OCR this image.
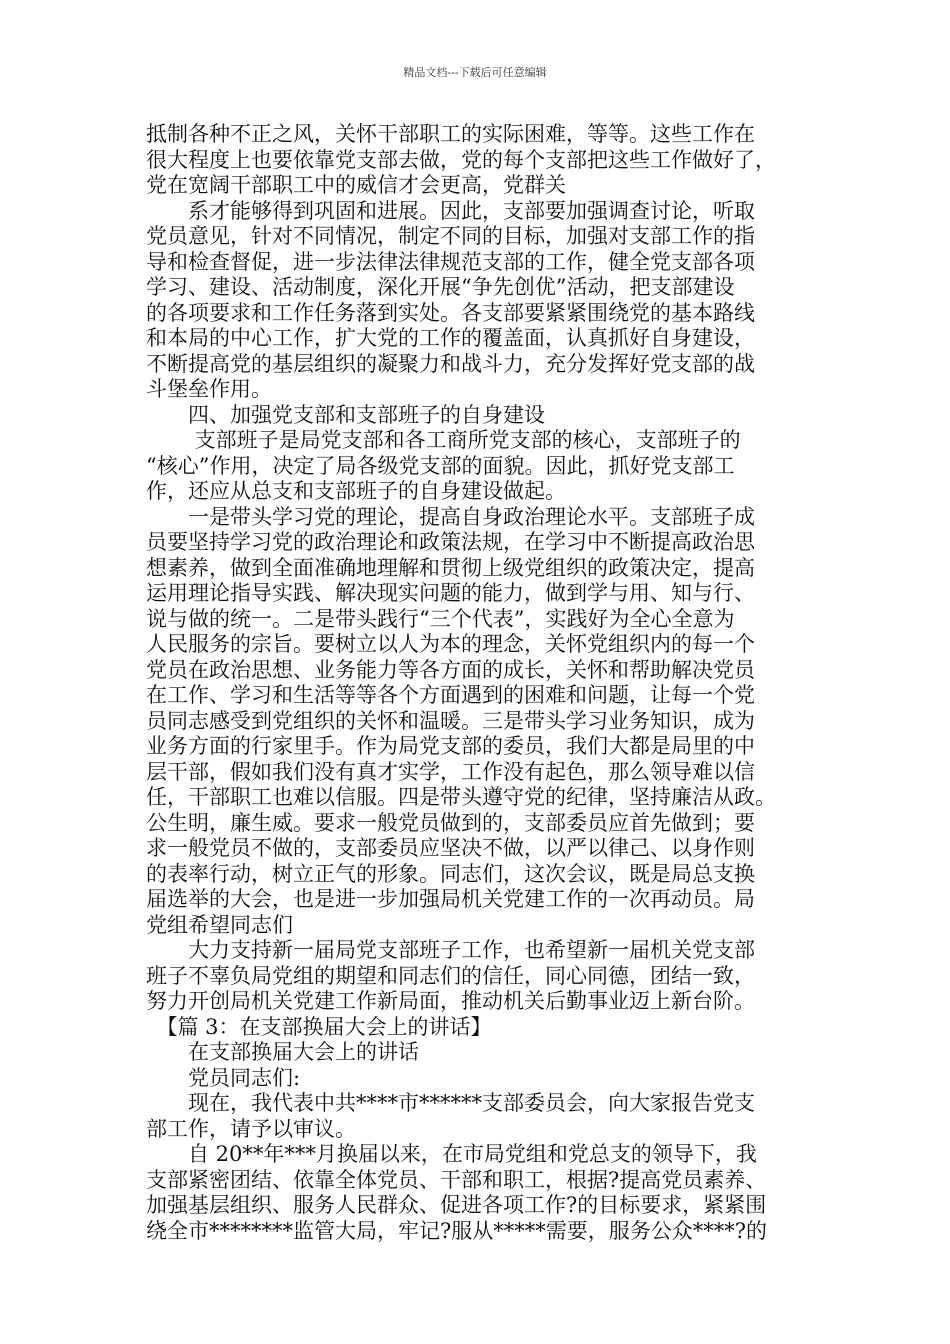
精品文档---下载后可任意编辑
抵制各种不正之风，关怀干部职工的实际困难，等等。这些工作在
很大程度上也要依靠党支部去做，党的每个支部把这些工作做好了，
党在宽阔干部职工中的威信才会更高，党群关
　　系才能够得到巩固和进展。因此，支部要加强调查讨论，听取
党员意见，针对不同情况，制定不同的目标，加强对支部工作的指
导和检查督促，进一步法律法律规范支部的工作，健全党支部各项
学习、建设、活动制度，深化开展“争先创优”活动，把支部建设
的各项要求和工作任务落到实处。各支部要紧紧围绕党的基本路线
和本局的中心工作，扩大党的工作的覆盖面，认真抓好自身建设，
不断提高党的基层组织的凝聚力和战斗力，充分发挥好党支部的战
斗堡垒作用。
　　四、加强党支部和支部班子的自身建设
　　 支部班子是局党支部和各工商所党支部的核心，支部班子的
“核心”作用，决定了局各级党支部的面貌。因此，抓好党支部工
作，还应从总支和支部班子的自身建设做起。
　　一是带头学习党的理论，提高自身政治理论水平。支部班子成
员要坚持学习党的政治理论和政策法规，在学习中不断提高政治思
想素养，做到全面准确地理解和贯彻上级党组织的政策决定，提高
运用理论指导实践、解决现实问题的能力，做到学与用、知与行、
说与做的统一。二是带头践行“三个代表”，实践好为全心全意为
人民服务的宗旨。要树立以人为本的理念，关怀党组织内的每一个
党员在政治思想、业务能力等各方面的成长，关怀和帮助解决党员
在工作、学习和生活等等各个方面遇到的困难和问题，让每一个党
员同志感受到党组织的关怀和温暖。三是带头学习业务知识，成为
业务方面的行家里手。作为局党支部的委员，我们大都是局里的中
层干部，假如我们没有真才实学，工作没有起色，那么领导难以信
任，干部职工也难以信服。四是带头遵守党的纪律，坚持廉洁从政。
公生明，廉生威。要求一般党员做到的，支部委员应首先做到；要
求一般党员不做的，支部委员应坚决不做，以严以律己、以身作则
的表率行动，树立正气的形象。同志们，这次会议，既是局总支换
届选举的大会，也是进一步加强局机关党建工作的一次再动员。局
党组希望同志们
　　大力支持新一届局党支部班子工作，也希望新一届机关党支部
班子不辜负局党组的期望和同志们的信任，同心同德，团结一致，
努力开创局机关党建工作新局面，推动机关后勤事业迈上新台阶。
　【篇 3：在支部换届大会上的讲话】
　　在支部换届大会上的讲话
　　党员同志们:
　　现在，我代表中共****市******支部委员会，向大家报告党支
部工作，请予以审议。
　　自 20**年***月换届以来，在市局党组和党总支的领导下，我
支部紧密团结、依靠全体党员、干部和职工，根据?提高党员素养、
加强基层组织、服务人民群众、促进各项工作?的目标要求，紧紧围
绕全市********监管大局，牢记?服从*****需要，服务公众****?的
